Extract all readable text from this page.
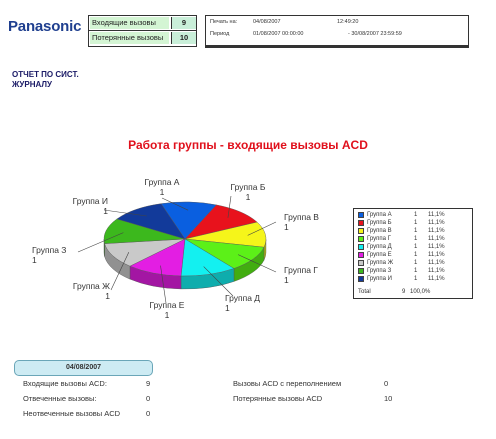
Panasonic Входящие вызовы	9
Потерянные вызовы	10
Печать на:	04/08/2007	12:49:20
Период	01/08/2007 00:00:00	- 30/08/2007 23:59:59
ОТЧЕТ ПО СИСТ.
ЖУРНАЛУ
Работа группы - входящие вызовы ACD
Группа А
1	Группа Б
1
Группа В
1
Группа Г
1
Группа Д
1
Группа Е
1
Группа Ж
1
Группа З
1
Группа И
1	Группа А	1 11,1%
Группа Б	1 11,1%
Группа В	1 11,1%
Группа Г	1 11,1%
Группа Д	1 11,1%
Группа Е	1 11,1%
Группа Ж	1 11,1%
Группа З	1 11,1%
Группа И	1 11,1%
Total	9 100,0%
04/08/2007
Входящие вызовы ACD:	9
Отвеченные вызовы:	0
Неотвеченные вызовы ACD	0
Вызовы ACD с переполнением	0
Потерянные вызовы ACD	10
